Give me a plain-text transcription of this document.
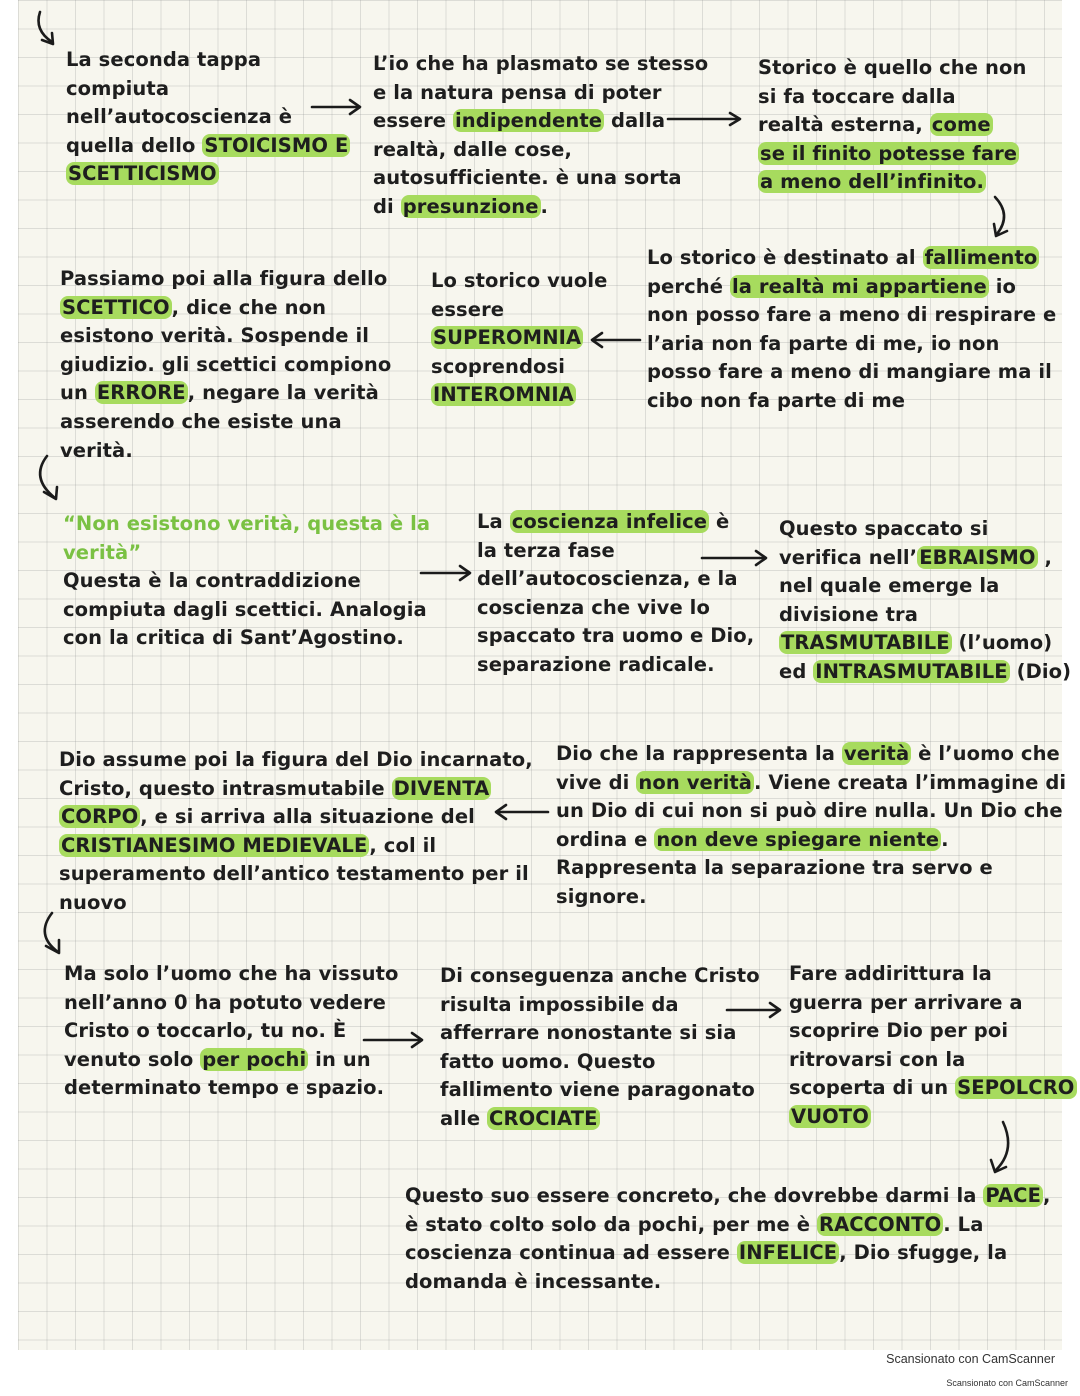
La seconda tappa
compiuta
nell’autocoscienza è
quella dello STOICISMO E
SCETTICISMO
L’io che ha plasmato se stesso
e la natura pensa di poter
essere indipendente dalla
realtà, dalle cose,
autosufficiente. è una sorta
di presunzione .
Storico è quello che non
si fa toccare dalla
realtà esterna, come
se il finito potesse fare
a meno dell’infinito.
Lo storico è destinato al fallimento
perché la realtà mi appartiene io
non posso fare a meno di respirare e
l’aria non fa parte di me, io non
posso fare a meno di mangiare ma il
cibo non fa parte di me
Lo storico vuole
essere
SUPEROMNIA
scoprendosi
INTEROMNIA
Passiamo poi alla figura dello
SCETTICO , dice che non
esistono verità. Sospende il
giudizio. gli scettici compiono
un ERRORE , negare la verità
asserendo che esiste una
verità.
“Non esistono verità, questa è la
verità”
Questa è la contraddizione
compiuta dagli scettici. Analogia
con la critica di Sant’Agostino.
La coscienza infelice è
la terza fase
dell’autocoscienza, e la
coscienza che vive lo
spaccato tra uomo e Dio,
separazione radicale.
Questo spaccato si
verifica nell’ EBRAISMO ,
nel quale emerge la
divisione tra
TRASMUTABILE (l’uomo)
ed INTRASMUTABILE (Dio)
Dio che la rappresenta la verità è l’uomo che
vive di non verità . Viene creata l’immagine di
un Dio di cui non si può dire nulla. Un Dio che
ordina e non deve spiegare niente .
Rappresenta la separazione tra servo e
signore.
Dio assume poi la figura del Dio incarnato,
Cristo, questo intrasmutabile DIVENTA
CORPO , e si arriva alla situazione del
CRISTIANESIMO MEDIEVALE , col il
superamento dell’antico testamento per il
nuovo
Ma solo l’uomo che ha vissuto
nell’anno 0 ha potuto vedere
Cristo o toccarlo, tu no. È
venuto solo per pochi in un
determinato tempo e spazio.
Di conseguenza anche Cristo
risulta impossibile da
afferrare nonostante si sia
fatto uomo. Questo
fallimento viene paragonato
alle CROCIATE
Fare addirittura la
guerra per arrivare a
scoprire Dio per poi
ritrovarsi con la
scoperta di un SEPOLCRO
VUOTO
Questo suo essere concreto, che dovrebbe darmi la PACE ,
è stato colto solo da pochi, per me è RACCONTO . La
coscienza continua ad essere INFELICE , Dio sfugge, la
domanda è incessante.
Scansionato con CamScanner
Scansionato con CamScanner
